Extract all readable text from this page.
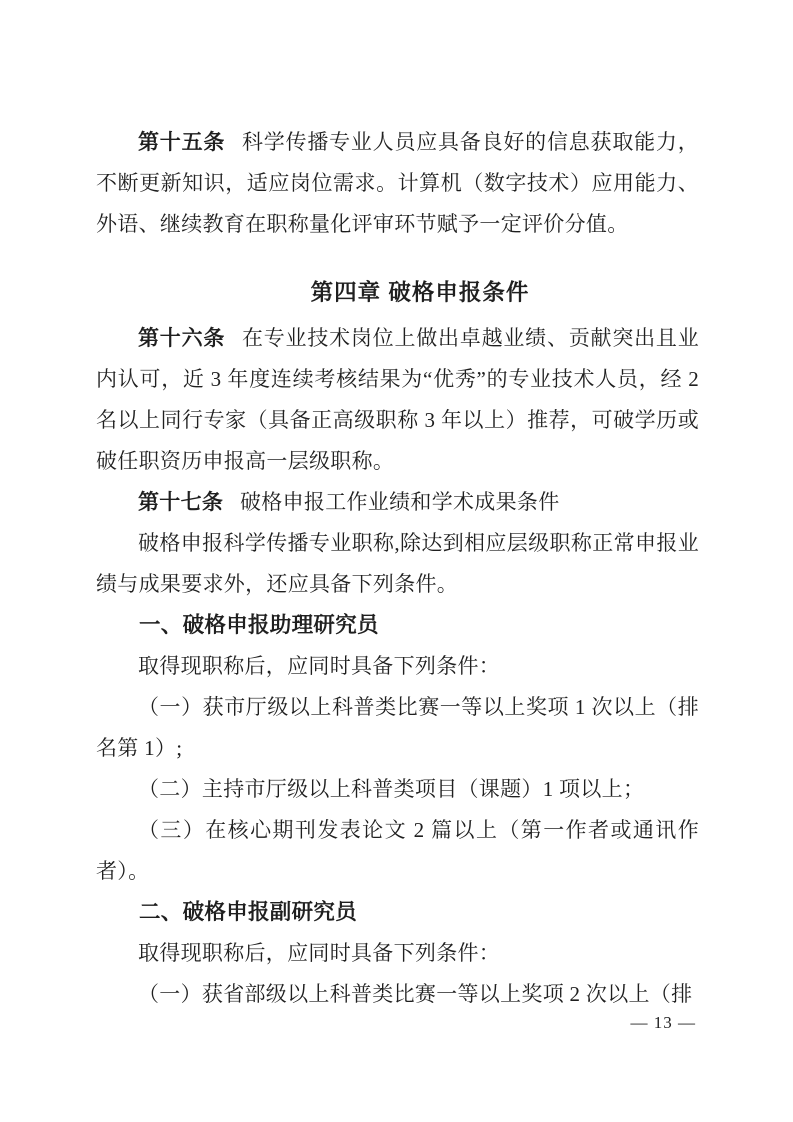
第十五条 科学传播专业人员应具备良好的信息获取能力，不断更新知识，适应岗位需求。计算机（数字技术）应用能力、外语、继续教育在职称量化评审环节赋予一定评价分值。

第四章 破格申报条件

第十六条 在专业技术岗位上做出卓越业绩、贡献突出且业内认可，近 3 年度连续考核结果为“优秀”的专业技术人员，经 2 名以上同行专家（具备正高级职称 3 年以上）推荐，可破学历或破任职资历申报高一层级职称。

第十七条 破格申报工作业绩和学术成果条件

破格申报科学传播专业职称,除达到相应层级职称正常申报业绩与成果要求外，还应具备下列条件。

一、破格申报助理研究员

取得现职称后，应同时具备下列条件：

（一）获市厅级以上科普类比赛一等以上奖项 1 次以上（排名第 1）;

（二）主持市厅级以上科普类项目（课题）1 项以上；

（三）在核心期刊发表论文 2 篇以上（第一作者或通讯作者）。

二、破格申报副研究员

取得现职称后，应同时具备下列条件：

（一）获省部级以上科普类比赛一等以上奖项 2 次以上（排

— 13 —
